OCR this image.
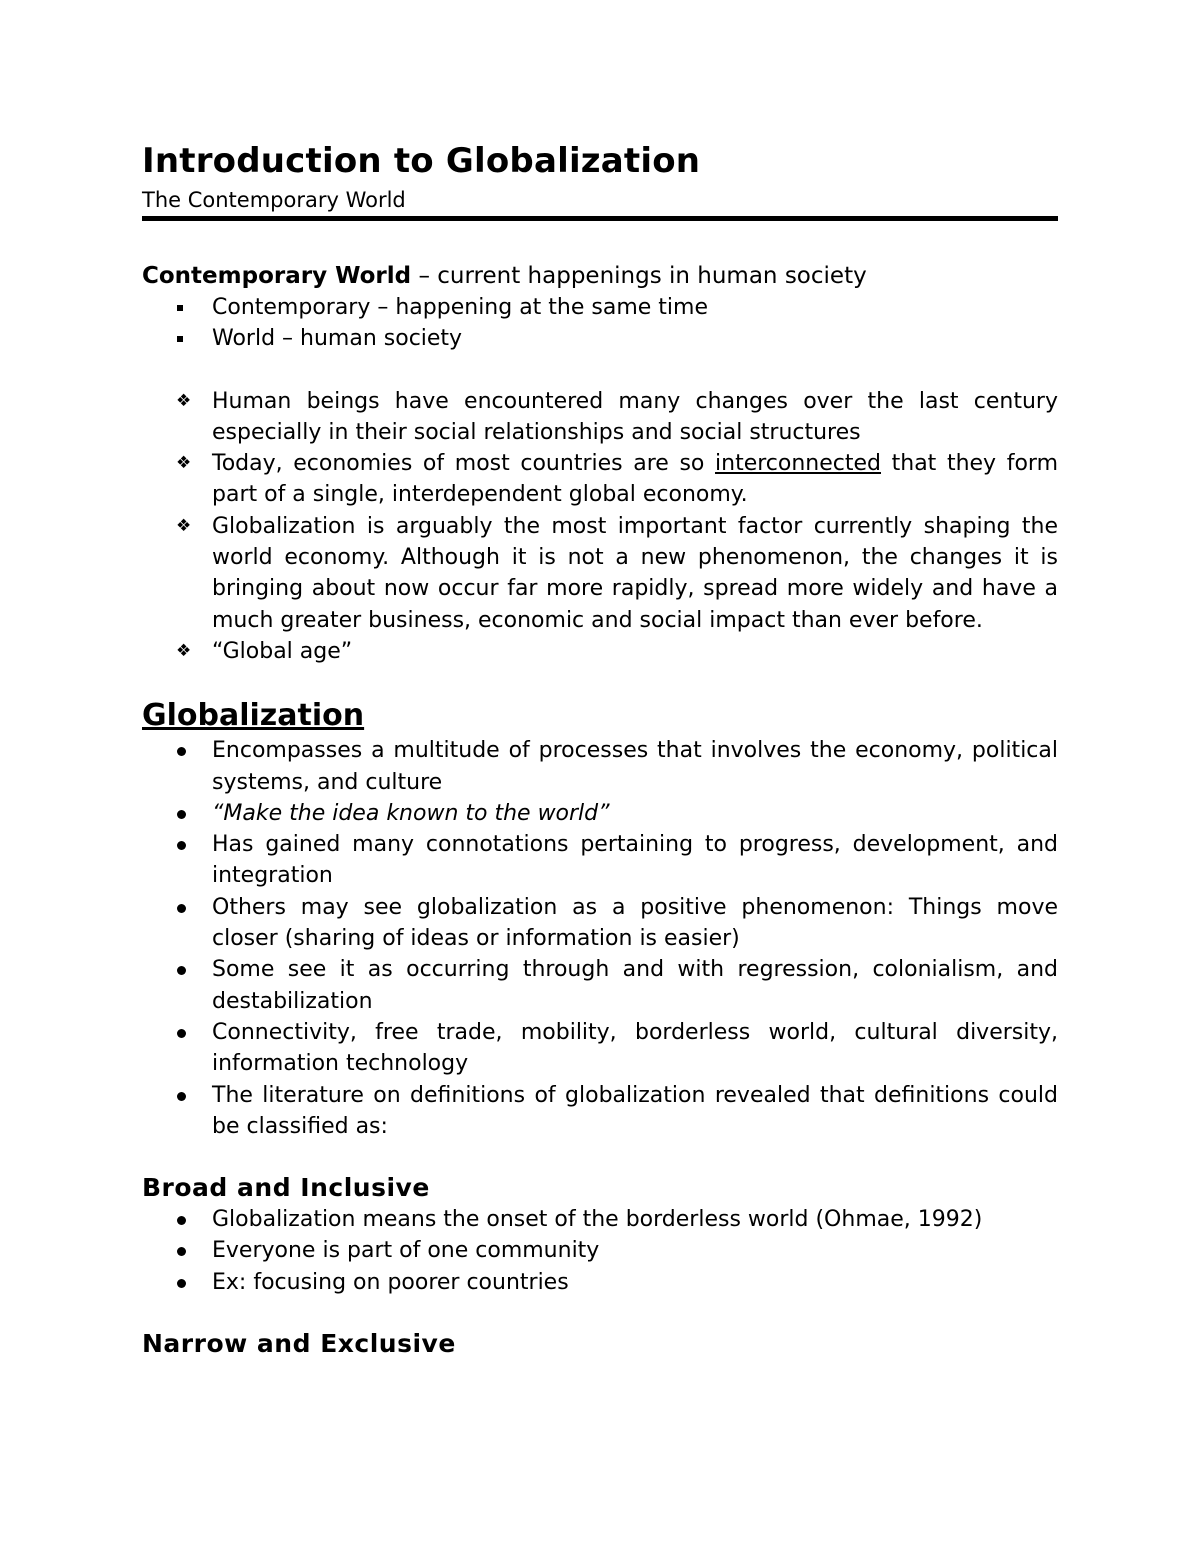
Introduction to Globalization
The Contemporary World

Contemporary World – current happenings in human society

Contemporary – happening at the same time
World – human society
❖ Human beings have encountered many changes over the last century especially in their social relationships and social structures
❖ Today, economies of most countries are so interconnected that they form part of a single, interdependent global economy.
❖ Globalization is arguably the most important factor currently shaping the world economy. Although it is not a new phenomenon, the changes it is bringing about now occur far more rapidly, spread more widely and have a much greater business, economic and social impact than ever before.
❖ “Global age”
Globalization
Encompasses a multitude of processes that involves the economy, political systems, and culture
“Make the idea known to the world”
Has gained many connotations pertaining to progress, development, and integration
Others may see globalization as a positive phenomenon: Things move closer (sharing of ideas or information is easier)
Some see it as occurring through and with regression, colonialism, and destabilization
Connectivity, free trade, mobility, borderless world, cultural diversity, information technology
The literature on definitions of globalization revealed that definitions could be classified as:
Broad and Inclusive
Globalization means the onset of the borderless world (Ohmae, 1992)
Everyone is part of one community
Ex: focusing on poorer countries
Narrow and Exclusive
